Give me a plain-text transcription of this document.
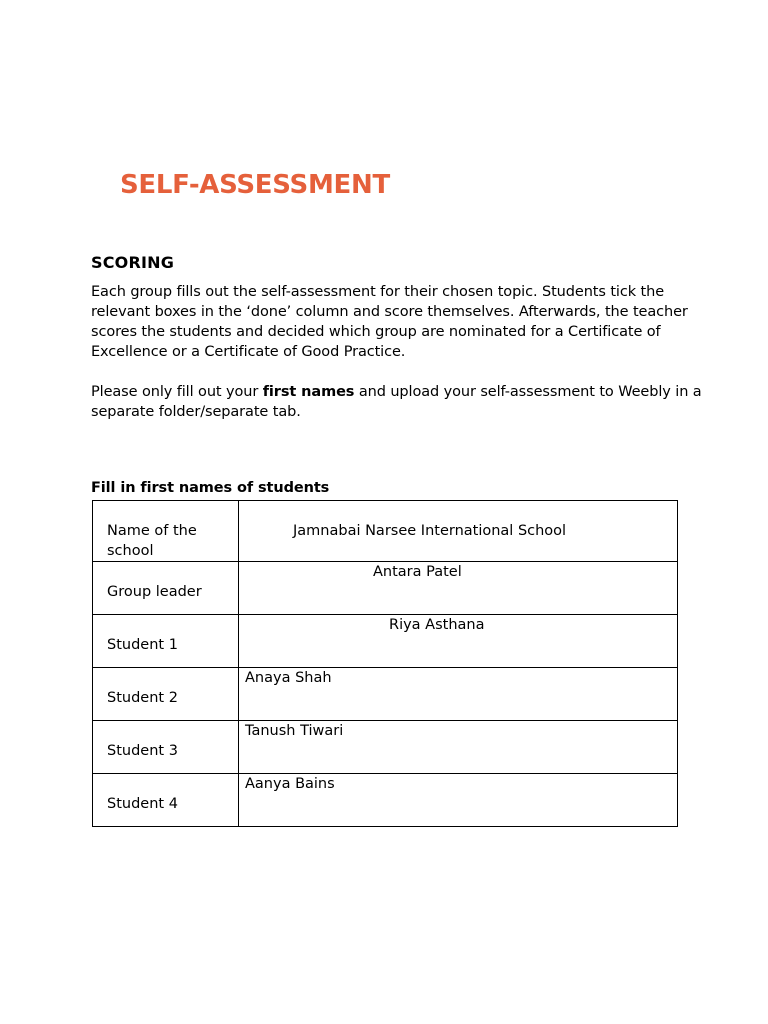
SELF-ASSESSMENT
SCORING

Each group fills out the self-assessment for their chosen topic. Students tick the relevant boxes in the ‘done’ column and score themselves. Afterwards, the teacher scores the students and decided which group are nominated for a Certificate of Excellence or a Certificate of Good Practice.

Please only fill out your first names and upload your self-assessment to Weebly in a separate folder/separate tab.

Fill in first names of students
Name of the school	Jamnabai Narsee International School

Group leader	Antara Patel

Student 1	Riya Asthana

Student 2	Anaya Shah

Student 3	Tanush Tiwari

Student 4	Aanya Bains
